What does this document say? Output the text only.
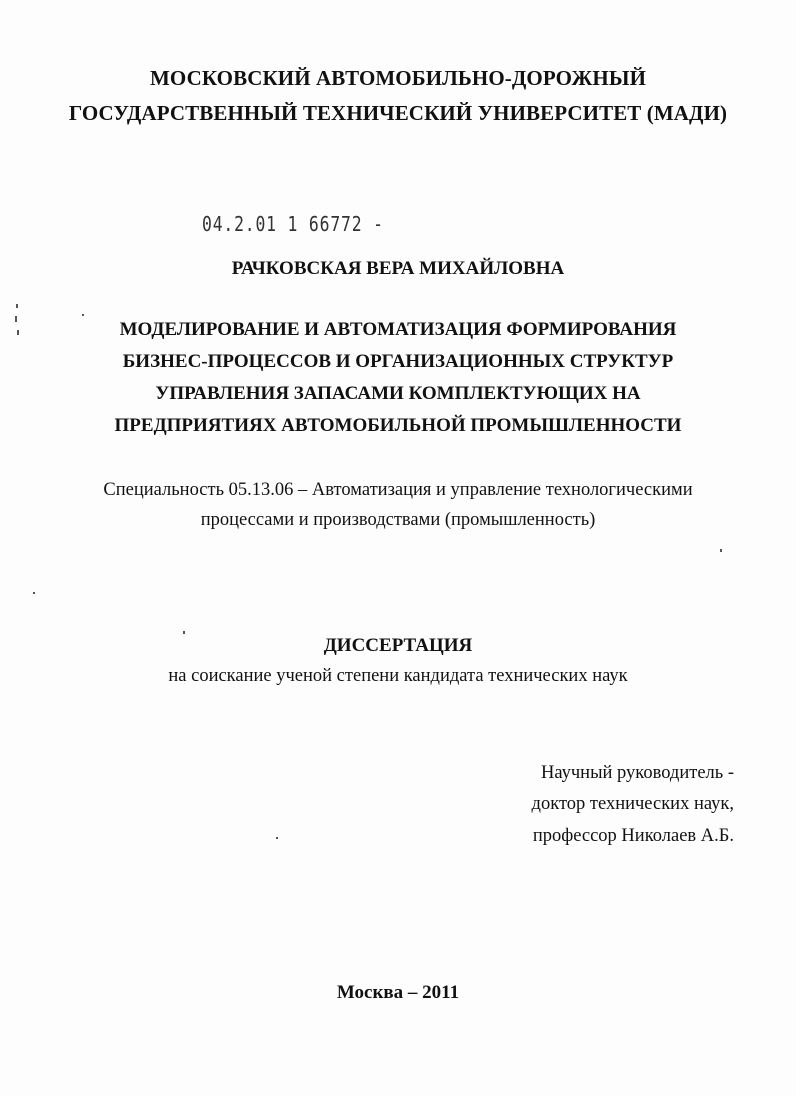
МОСКОВСКИЙ АВТОМОБИЛЬНО-ДОРОЖНЫЙ
ГОСУДАРСТВЕННЫЙ ТЕХНИЧЕСКИЙ УНИВЕРСИТЕТ (МАДИ)
04.2.01 1 66772 -
РАЧКОВСКАЯ ВЕРА МИХАЙЛОВНА
МОДЕЛИРОВАНИЕ И АВТОМАТИЗАЦИЯ ФОРМИРОВАНИЯ
БИЗНЕС-ПРОЦЕССОВ И ОРГАНИЗАЦИОННЫХ СТРУКТУР
УПРАВЛЕНИЯ ЗАПАСАМИ КОМПЛЕКТУЮЩИХ НА
ПРЕДПРИЯТИЯХ АВТОМОБИЛЬНОЙ ПРОМЫШЛЕННОСТИ
Специальность 05.13.06 – Автоматизация и управление технологическими
процессами и производствами (промышленность)
ДИССЕРТАЦИЯ
на соискание ученой степени кандидата технических наук
Научный руководитель -
доктор технических наук,
профессор Николаев А.Б.
Москва – 2011
